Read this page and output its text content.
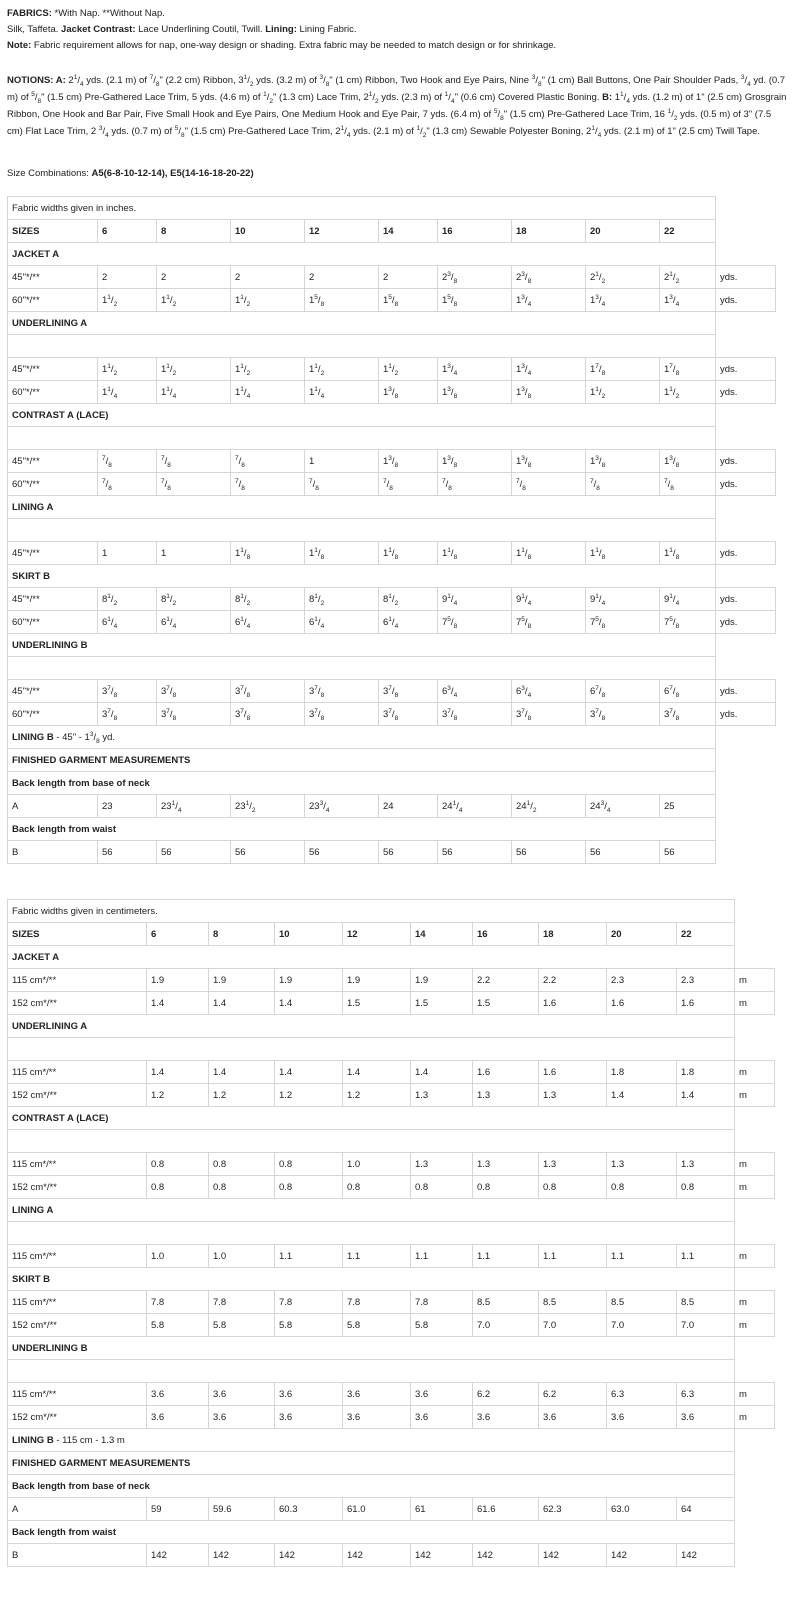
FABRICS: *With Nap. **Without Nap.

Silk, Taffeta. Jacket Contrast: Lace Underlining Coutil, Twill. Lining: Lining Fabric.

Note: Fabric requirement allows for nap, one-way design or shading. Extra fabric may be needed to match design or for shrinkage.

NOTIONS: A: $2^1/_4$ yds. (2.1 m) of $^7/_8$" (2.2 cm) Ribbon, $3^1/_2$ yds. (3.2 m) of $^3/_8$" (1 cm) Ribbon, Two Hook and Eye Pairs, Nine $^3/_8$" (1 cm) Ball Buttons, One Pair Shoulder Pads, $^3/_4$ yd. (0.7 m) of $^5/_8$" (1.5 cm) Pre-Gathered Lace Trim, 5 yds. (4.6 m) of $^1/_2$" (1.3 cm) Lace Trim, $2^1/_2$ yds. (2.3 m) of $^1/_4$" (0.6 cm) Covered Plastic Boning. B: $1^1/_4$ yds. (1.2 m) of 1" (2.5 cm) Grosgrain Ribbon, One Hook and Bar Pair, Five Small Hook and Eye Pairs, One Medium Hook and Eye Pair, 7 yds. (6.4 m) of $^5/_8$" (1.5 cm) Pre-Gathered Lace Trim, 16 $^1/_2$ yds. (0.5 m) of 3" (7.5 cm) Flat Lace Trim, 2 $^3/_4$ yds. (0.7 m) of $^5/_8$" (1.5 cm) Pre-Gathered Lace Trim, $2^1/_4$ yds. (2.1 m) of $^1/_2$" (1.3 cm) Sewable Polyester Boning, $2^1/_4$ yds. (2.1 m) of 1" (2.5 cm) Twill Tape.

Size Combinations: A5(6-8-10-12-14), E5(14-16-18-20-22)

Fabric widths given in inches.										
SIZES	6	8	10	12	14	16	18	20	22	
JACKET A										
45"*/**	2	2	2	2	2	$2^3/_8$	$2^3/_8$	$2^1/_2$	$2^1/_2$	yds.
60"*/**	$1^1/_2$	$1^1/_2$	$1^1/_2$	$1^5/_8$	$1^5/_8$	$1^5/_8$	$1^3/_4$	$1^3/_4$	$1^3/_4$	yds.
UNDERLINING A										

45"*/**	$1^1/_2$	$1^1/_2$	$1^1/_2$	$1^1/_2$	$1^1/_2$	$1^3/_4$	$1^3/_4$	$1^7/_8$	$1^7/_8$	yds.
60"*/**	$1^1/_4$	$1^1/_4$	$1^1/_4$	$1^1/_4$	$1^3/_8$	$1^3/_8$	$1^3/_8$	$1^1/_2$	$1^1/_2$	yds.
CONTRAST A (LACE)										

45"*/**	$^7/_8$	$^7/_8$	$^7/_8$	1	$1^3/_8$	$1^3/_8$	$1^3/_8$	$1^3/_8$	$1^3/_8$	yds.
60"*/**	$^7/_8$	$^7/_8$	$^7/_8$	$^7/_8$	$^7/_8$	$^7/_8$	$^7/_8$	$^7/_8$	$^7/_8$	yds.
LINING A										

45"*/**	1	1	$1^1/_8$	$1^1/_8$	$1^1/_8$	$1^1/_8$	$1^1/_8$	$1^1/_8$	$1^1/_8$	yds.
SKIRT B										
45"*/**	$8^1/_2$	$8^1/_2$	$8^1/_2$	$8^1/_2$	$8^1/_2$	$9^1/_4$	$9^1/_4$	$9^1/_4$	$9^1/_4$	yds.
60"*/**	$6^1/_4$	$6^1/_4$	$6^1/_4$	$6^1/_4$	$6^1/_4$	$7^5/_8$	$7^5/_8$	$7^5/_8$	$7^5/_8$	yds.
UNDERLINING B										

45"*/**	$3^7/_8$	$3^7/_8$	$3^7/_8$	$3^7/_8$	$3^7/_8$	$6^3/_4$	$6^3/_4$	$6^7/_8$	$6^7/_8$	yds.
60"*/**	$3^7/_8$	$3^7/_8$	$3^7/_8$	$3^7/_8$	$3^7/_8$	$3^7/_8$	$3^7/_8$	$3^7/_8$	$3^7/_8$	yds.
LINING B - 45" - $1^3/_8$ yd.										
FINISHED GARMENT MEASUREMENTS										
Back length from base of neck										
A	23	$23^1/_4$	$23^1/_2$	$23^3/_4$	24	$24^1/_4$	$24^1/_2$	$24^3/_4$	25	
Back length from waist										
B	56	56	56	56	56	56	56	56	56	
Fabric widths given in centimeters.										
SIZES	6	8	10	12	14	16	18	20	22	
JACKET A										
115 cm*/**	1.9	1.9	1.9	1.9	1.9	2.2	2.2	2.3	2.3	m
152 cm*/**	1.4	1.4	1.4	1.5	1.5	1.5	1.6	1.6	1.6	m
UNDERLINING A										

115 cm*/**	1.4	1.4	1.4	1.4	1.4	1.6	1.6	1.8	1.8	m
152 cm*/**	1.2	1.2	1.2	1.2	1.3	1.3	1.3	1.4	1.4	m
CONTRAST A (LACE)										

115 cm*/**	0.8	0.8	0.8	1.0	1.3	1.3	1.3	1.3	1.3	m
152 cm*/**	0.8	0.8	0.8	0.8	0.8	0.8	0.8	0.8	0.8	m
LINING A										

115 cm*/**	1.0	1.0	1.1	1.1	1.1	1.1	1.1	1.1	1.1	m
SKIRT B										
115 cm*/**	7.8	7.8	7.8	7.8	7.8	8.5	8.5	8.5	8.5	m
152 cm*/**	5.8	5.8	5.8	5.8	5.8	7.0	7.0	7.0	7.0	m
UNDERLINING B										

115 cm*/**	3.6	3.6	3.6	3.6	3.6	6.2	6.2	6.3	6.3	m
152 cm*/**	3.6	3.6	3.6	3.6	3.6	3.6	3.6	3.6	3.6	m
LINING B - 115 cm - 1.3 m										
FINISHED GARMENT MEASUREMENTS										
Back length from base of neck										
A	59	59.6	60.3	61.0	61	61.6	62.3	63.0	64	
Back length from waist										
B	142	142	142	142	142	142	142	142	142	
